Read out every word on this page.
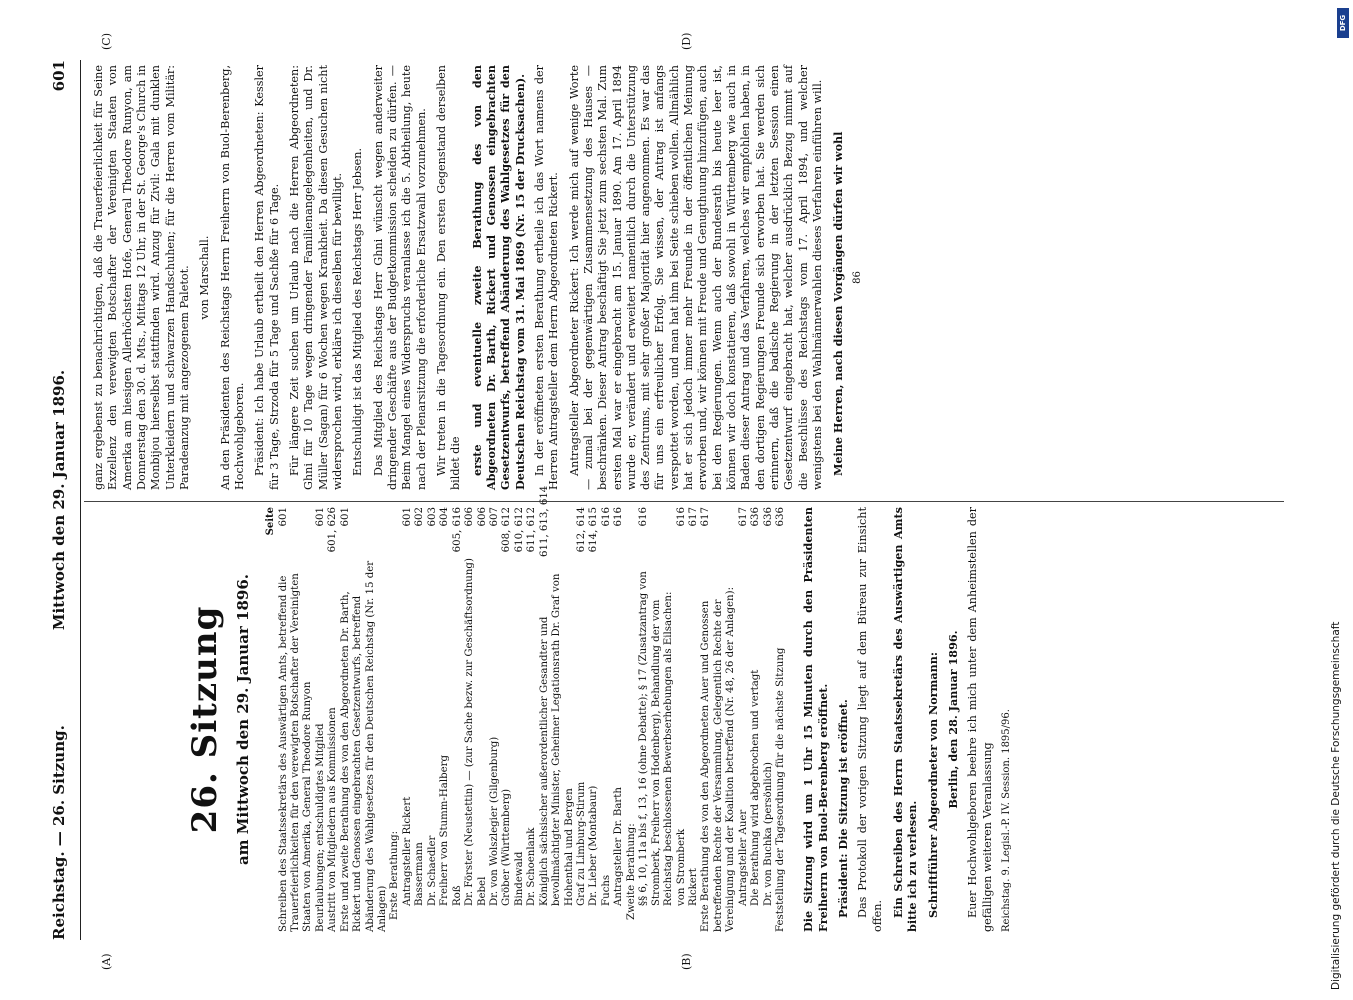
Reichstag. — 26. Sitzung.
Mittwoch den 29. Januar 1896.
601
(A)	(B)
(C)	(D)
26. Sitzung am Mittwoch den 29. Januar 1896.
Seite
Schreiben des Staatssekretärs des Auswärtigen Amts, betreffend die Trauerfeierlichkeiten für den verewigten Botschafter der Vereinigten Staaten von Amerika, General Theodore Runyon
601
Beurlaubungen; entschuldigtes Mitglied
601
Austritt von Mitgliedern aus Kommissionen
601, 626
Erste und zweite Berathung des von den Abgeordneten Dr. Barth, Rickert und Genossen eingebrachten Gesetzentwurfs, betreffend Abänderung des Wahlgesetzes für den Deutschen Reichstag (Nr. 15 der Anlagen)
601
Erste Berathung: Antragsteller Rickert
601
Bassermann
602
Dr. Schaedler
603
Freiherr von Stumm-Halberg
604
Roß
605, 616
Dr. Förster (Neustettin) — (zur Sache bezw. zur Geschäftsordnung)
606
Bebel
606
Dr. von Wolszlegier (Gilgenburg)
607
Gröber (Württemberg)
608, 612
Bindewald
610, 612
Dr. Schoenlank
611, 612
Königlich sächsischer außerordentlicher Gesandter und bevollmächtigter Minister, Geheimer Legationsrath Dr. Graf von Hohenthal und Bergen
611, 613, 614
Graf zu Limburg-Stirum
612, 614
Dr. Lieber (Montabaur)
614, 615
Fuchs
616
Antragsteller Dr. Barth
616
Zweite Berathung: §§ 6, 10, 11a bis f, 13, 16 (ohne Debatte); § 17 (Zusatzantrag von Stromberk, Freiherr von Hodenberg), Behandlung der vom Reichstag beschlossenen Bewerbserhebungen als Eilsachen:
616
von Stromberk
616
Rickert
617
Erste Berathung des von den Abgeordneten Auer und Genossen betreffenden Rechte der Versammlung, Gelegentlich Rechte der Vereinigung und der Koalition betreffend (Nr. 48, 26 der Anlagen):
617
Antragsteller Auer
617
Die Berathung wird abgebrochen und vertagt
636
Dr. von Buchka (persönlich)
636
Feststellung der Tagesordnung für die nächste Sitzung
636 Die Sitzung wird um 1 Uhr 15 Minuten durch den Präsidenten Freiherrn von Buol-Berenberg eröffnet. Präsident: Die Sitzung ist eröffnet. Das Protokoll der vorigen Sitzung liegt auf dem Büreau zur Einsicht offen. Ein Schreiben des Herrn Staatssekretärs des Auswärtigen Amts bitte ich zu verlesen. Schriftführer Abgeordneter von Normann: Berlin, den 28. Januar 1896. Euer Hochwohlgeboren beehre ich mich unter dem Anheimstellen der gefälligen weiteren Veranlassung Reichstag. 9. Legisl.-P. IV. Session. 1895/96.

ganz ergebenst zu benachrichtigen, daß die Trauerfeierlichkeit für Seine Exzellenz den verewigten Botschafter der Vereinigten Staaten von Amerika am hiesigen Allerhöchsten Hofe, General Theodore Runyon, am Donnerstag den 30. d. Mts., Mittags 12 Uhr, in der St. George's Church in Monbijou hierselbst stattfinden wird. Anzug für Zivil: Gala mit dunklen Unterkleidern und schwarzen Handschuhen; für die Herren vom Militär: Paradeanzug mit angezogenem Paletot. von Marschall. An den Präsidenten des Reichstags Herrn Freiherrn von Buol-Berenberg, Hochwohlgeboren. Präsident: Ich habe Urlaub ertheilt den Herren Abgeordneten: Kessler für 3 Tage, Strzoda für 5 Tage und Sachße für 6 Tage. Für längere Zeit suchen um Urlaub nach die Herren Abgeordneten: Ghni für 10 Tage wegen dringender Familienangelegenheiten, und Dr. Müller (Sagan) für 6 Wochen wegen Krankheit. Da diesen Gesuchen nicht widersprochen wird, erkläre ich dieselben für bewilligt. Entschuldigt ist das Mitglied des Reichstags Herr Jebsen. Das Mitglied des Reichstags Herr Ghni wünscht wegen anderweiter dringender Geschäfte aus der Budgetkommission scheiden zu dürfen. — Beim Mangel eines Widerspruchs veranlasse ich die 5. Abtheilung, heute nach der Plenarsitzung die erforderliche Ersatzwahl vorzunehmen. Wir treten in die Tagesordnung ein. Den ersten Gegenstand derselben bildet die erste und eventuelle zweite Berathung des von den Abgeordneten Dr. Barth, Rickert und Genossen eingebrachten Gesetzentwurfs, betreffend Abänderung des Wahlgesetzes für den Deutschen Reichstag vom 31. Mai 1869 (Nr. 15 der Drucksachen). In der eröffneten ersten Berathung ertheile ich das Wort namens der Herren Antragsteller dem Herrn Abgeordneten Rickert. Antragsteller Abgeordneter Rickert: Ich werde mich auf wenige Worte — zumal bei der gegenwärtigen Zusammensetzung des Hauses — beschränken. Dieser Antrag beschäftigt Sie jetzt zum sechsten Mal. Zum ersten Mal war er eingebracht am 15. Januar 1890. Am 17. April 1894 wurde er, verändert und erweitert namentlich durch die Unterstützung des Zentrums, mit sehr großer Majorität hier angenommen. Es war das für uns ein erfreulicher Erfolg. Sie wissen, der Antrag ist anfangs verspottet worden, und man hat ihm bei Seite schieben wollen. Allmählich hat er sich jedoch immer mehr Freunde in der öffentlichen Meinung erworben und, wir können mit Freude und Genugthuung hinzufügen, auch bei den Regierungen. Wenn auch der Bundesrath bis heute leer ist, können wir doch konstatieren, daß sowohl in Württemberg wie auch in Baden dieser Antrag und das Verfahren, welches wir empfohlen haben, in den dortigen Regierungen Freunde sich erworben hat. Sie werden sich erinnern, daß die badische Regierung in der letzten Session einen Gesetzentwurf eingebracht hat, welcher ausdrücklich Bezug nimmt auf die Beschlüsse des Reichstags vom 17. April 1894, und welcher wenigstens bei den Wahlmännerwahlen dieses Verfahren einführen will. Meine Herren, nach diesen Vorgängen dürfen wir wohl 86
DFG
Digitalisierung gefördert durch die Deutsche Forschungsgemeinschaft
